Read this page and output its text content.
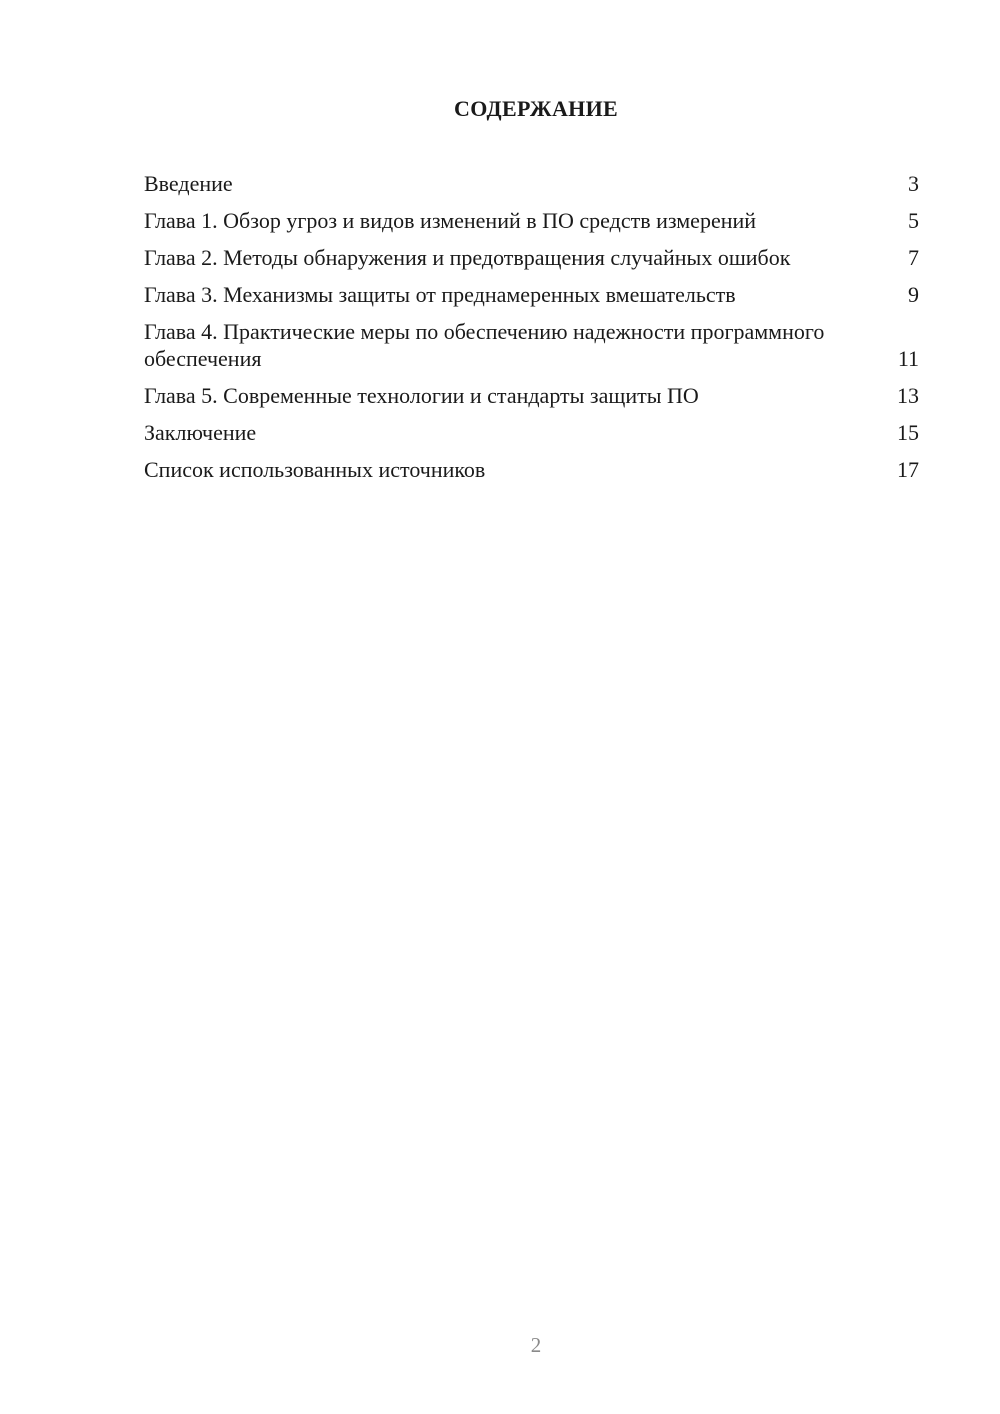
СОДЕРЖАНИЕ
Введение	3
Глава 1. Обзор угроз и видов изменений в ПО средств измерений	5
Глава 2. Методы обнаружения и предотвращения случайных ошибок	7
Глава 3. Механизмы защиты от преднамеренных вмешательств	9
Глава 4. Практические меры по обеспечению надежности программного обеспечения	11
Глава 5. Современные технологии и стандарты защиты ПО	13
Заключение	15
Список использованных источников	17
2
